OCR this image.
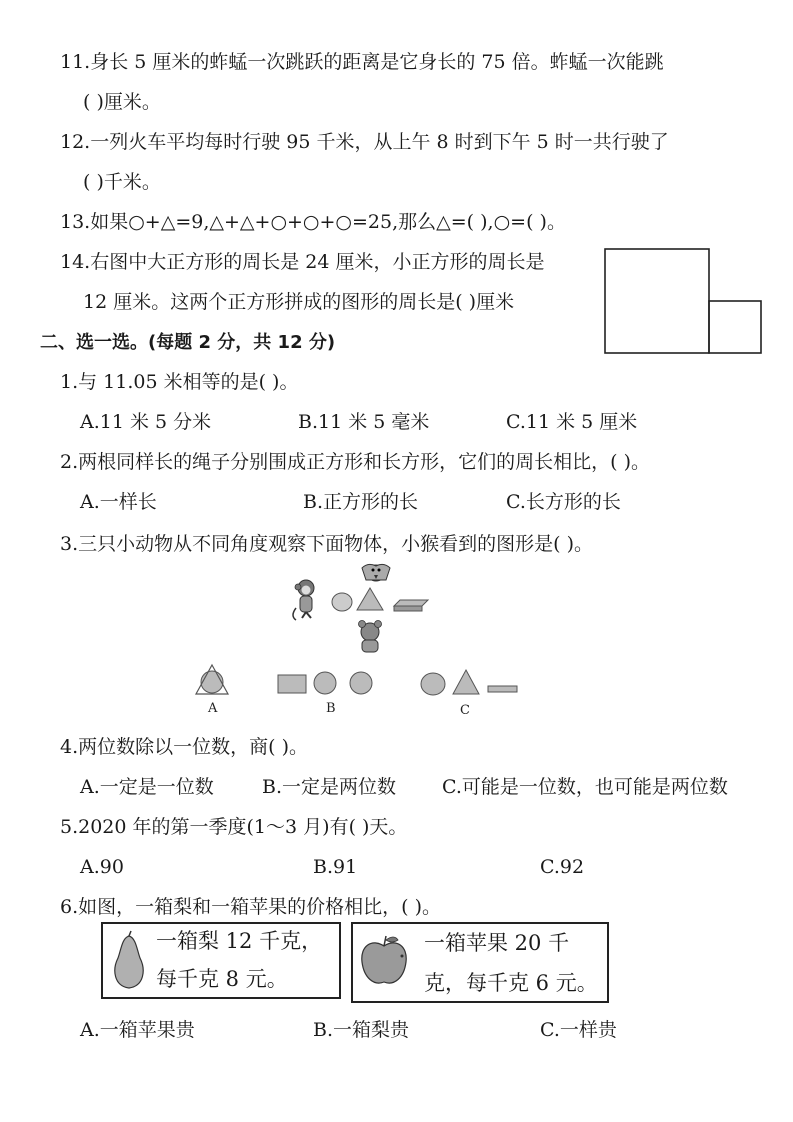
11.身长 5 厘米的蚱蜢一次跳跃的距离是它身长的 75 倍。蚱蜢一次能跳
( )厘米。
12.一列火车平均每时行驶 95 千米，从上午 8 时到下午 5 时一共行驶了
( )千米。
13.如果○+△=9,△+△+○+○+○=25,那么△=( ),○=( )。
14.右图中大正方形的周长是 24 厘米，小正方形的周长是
12 厘米。这两个正方形拼成的图形的周长是( )厘米
二、选一选。(每题 2 分，共 12 分)
1.与 11.05 米相等的是( )。
A.11 米 5 分米	B.11 米 5 毫米	C.11 米 5 厘米
2.两根同样长的绳子分别围成正方形和长方形，它们的周长相比，( )。
A.一样长	B.正方形的长	C.长方形的长
3.三只小动物从不同角度观察下面物体，小猴看到的图形是( )。
A	B	C
4.两位数除以一位数，商( )。
A.一定是一位数	B.一定是两位数 C.可能是一位数，也可能是两位数
5.2020 年的第一季度(1～3 月)有( )天。
A.90	B.91	C.92
6.如图，一箱梨和一箱苹果的价格相比，( )。
一箱梨 12 千克，
每千克 8 元。
一箱苹果 20 千
克，每千克 6 元。
A.一箱苹果贵	B.一箱梨贵	C.一样贵
